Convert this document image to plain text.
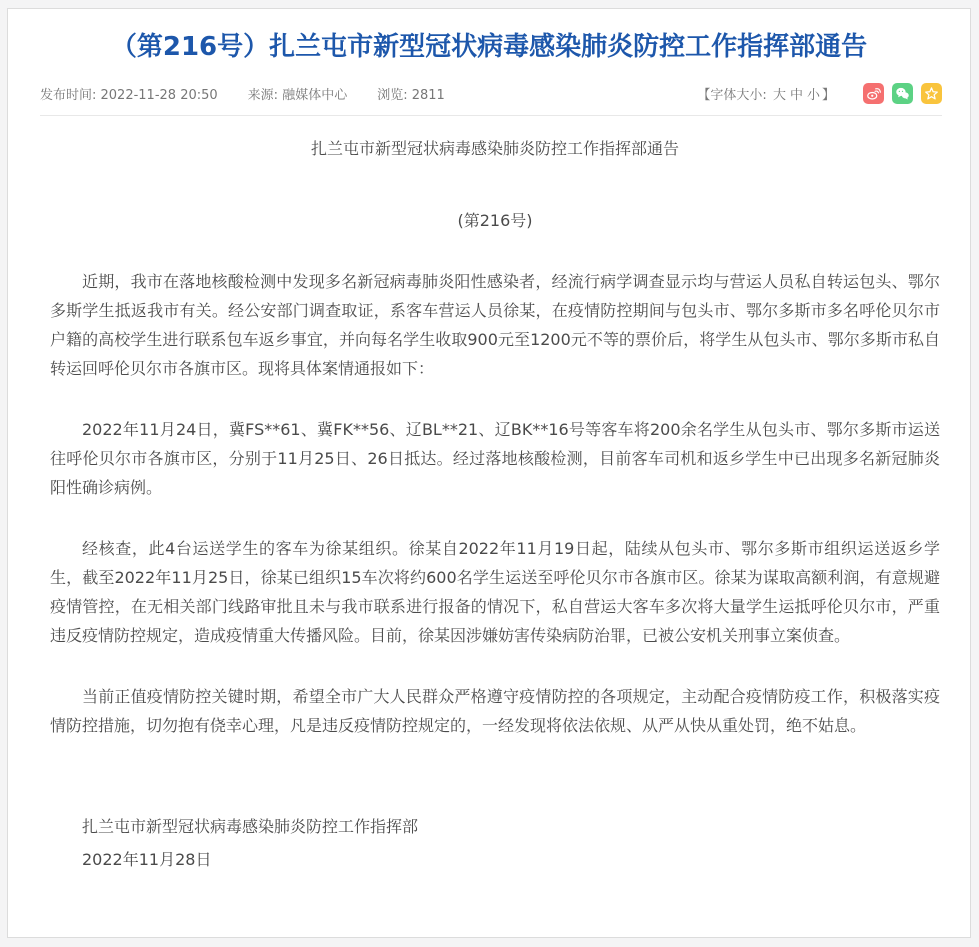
（第216号）扎兰屯市新型冠状病毒感染肺炎防控工作指挥部通告
发布时间: 2022-11-28 20:50 来源: 融媒体中心 浏览: 2811	【字体大小: 大 中 小 】

扎兰屯市新型冠状病毒感染肺炎防控工作指挥部通告

(第216号)

近期，我市在落地核酸检测中发现多名新冠病毒肺炎阳性感染者，经流行病学调查显示均与营运人员私自转运包头、鄂尔多斯学生抵返我市有关。经公安部门调查取证，系客车营运人员徐某，在疫情防控期间与包头市、鄂尔多斯市多名呼伦贝尔市户籍的高校学生进行联系包车返乡事宜，并向每名学生收取900元至1200元不等的票价后，将学生从包头市、鄂尔多斯市私自转运回呼伦贝尔市各旗市区。现将具体案情通报如下：

2022年11月24日，冀FS**61、冀FK**56、辽BL**21、辽BK**16号等客车将200余名学生从包头市、鄂尔多斯市运送往呼伦贝尔市各旗市区，分别于11月25日、26日抵达。经过落地核酸检测，目前客车司机和返乡学生中已出现多名新冠肺炎阳性确诊病例。

经核查，此4台运送学生的客车为徐某组织。徐某自2022年11月19日起，陆续从包头市、鄂尔多斯市组织运送返乡学生，截至2022年11月25日，徐某已组织15车次将约600名学生运送至呼伦贝尔市各旗市区。徐某为谋取高额利润，有意规避疫情管控，在无相关部门线路审批且未与我市联系进行报备的情况下，私自营运大客车多次将大量学生运抵呼伦贝尔市，严重违反疫情防控规定，造成疫情重大传播风险。目前，徐某因涉嫌妨害传染病防治罪，已被公安机关刑事立案侦查。

当前正值疫情防控关键时期，希望全市广大人民群众严格遵守疫情防控的各项规定，主动配合疫情防疫工作，积极落实疫情防控措施，切勿抱有侥幸心理，凡是违反疫情防控规定的，一经发现将依法依规、从严从快从重处罚，绝不姑息。

扎兰屯市新型冠状病毒感染肺炎防控工作指挥部

2022年11月28日
